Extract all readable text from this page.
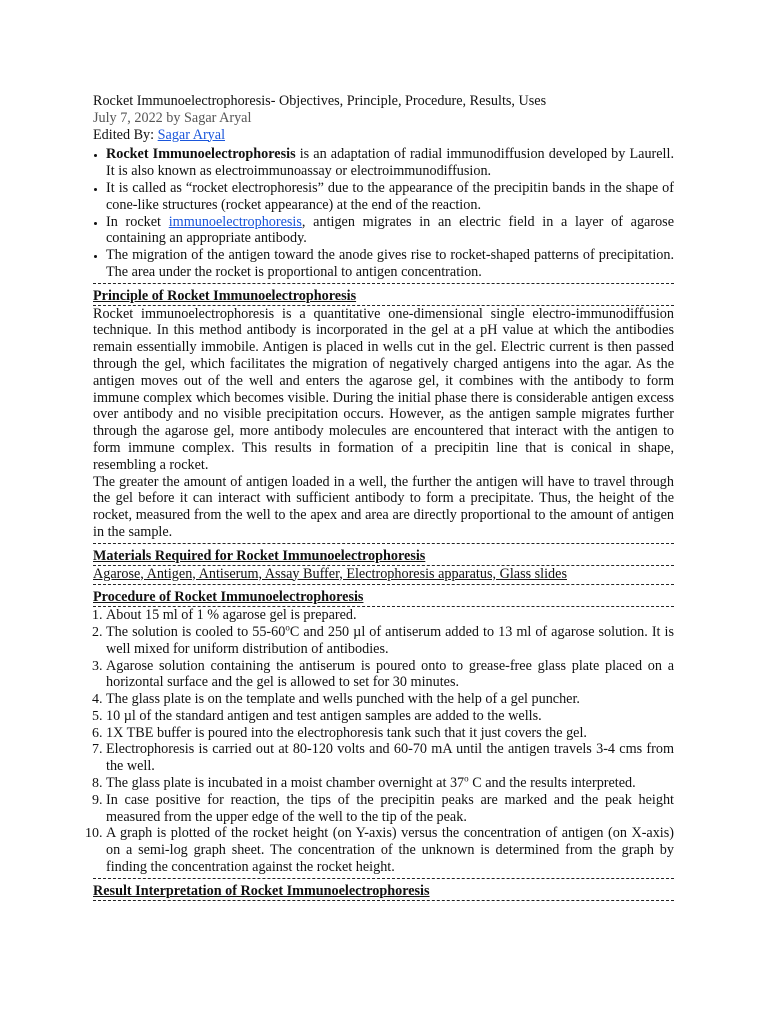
Rocket Immunoelectrophoresis- Objectives, Principle, Procedure, Results, Uses
July 7, 2022 by Sagar Aryal
Edited By: Sagar Aryal
• Rocket Immunoelectrophoresis is an adaptation of radial immunodiffusion developed by Laurell. It is also known as electroimmunoassay or electroimmunodiffusion.
• It is called as “rocket electrophoresis” due to the appearance of the precipitin bands in the shape of cone-like structures (rocket appearance) at the end of the reaction.
• In rocket immunoelectrophoresis, antigen migrates in an electric field in a layer of agarose containing an appropriate antibody.
• The migration of the antigen toward the anode gives rise to rocket-shaped patterns of precipitation. The area under the rocket is proportional to antigen concentration.
Principle of Rocket Immunoelectrophoresis

Rocket immunoelectrophoresis is a quantitative one-dimensional single electro-immunodiffusion technique. In this method antibody is incorporated in the gel at a pH value at which the antibodies remain essentially immobile. Antigen is placed in wells cut in the gel. Electric current is then passed through the gel, which facilitates the migration of negatively charged antigens into the agar. As the antigen moves out of the well and enters the agarose gel, it combines with the antibody to form immune complex which becomes visible. During the initial phase there is considerable antigen excess over antibody and no visible precipitation occurs. However, as the antigen sample migrates further through the agarose gel, more antibody molecules are encountered that interact with the antigen to form immune complex. This results in formation of a precipitin line that is conical in shape, resembling a rocket.

The greater the amount of antigen loaded in a well, the further the antigen will have to travel through the gel before it can interact with sufficient antibody to form a precipitate. Thus, the height of the rocket, measured from the well to the apex and area are directly proportional to the amount of antigen in the sample.

Materials Required for Rocket Immunoelectrophoresis

Agarose, Antigen, Antiserum, Assay Buffer, Electrophoresis apparatus, Glass slides

Procedure of Rocket Immunoelectrophoresis
1. About 15 ml of 1 % agarose gel is prepared.
2. The solution is cooled to 55-60$^o$C and 250 µl of antiserum added to 13 ml of agarose solution. It is well mixed for uniform distribution of antibodies.
3. Agarose solution containing the antiserum is poured onto to grease-free glass plate placed on a horizontal surface and the gel is allowed to set for 30 minutes.
4. The glass plate is on the template and wells punched with the help of a gel puncher.
5. 10 µl of the standard antigen and test antigen samples are added to the wells.
6. 1X TBE buffer is poured into the electrophoresis tank such that it just covers the gel.
7. Electrophoresis is carried out at 80-120 volts and 60-70 mA until the antigen travels 3-4 cms from the well.
8. The glass plate is incubated in a moist chamber overnight at 37$^o$ C and the results interpreted.
9. In case positive for reaction, the tips of the precipitin peaks are marked and the peak height measured from the upper edge of the well to the tip of the peak.
10. A graph is plotted of the rocket height (on Y-axis) versus the concentration of antigen (on X-axis) on a semi-log graph sheet. The concentration of the unknown is determined from the graph by finding the concentration against the rocket height.
Result Interpretation of Rocket Immunoelectrophoresis
